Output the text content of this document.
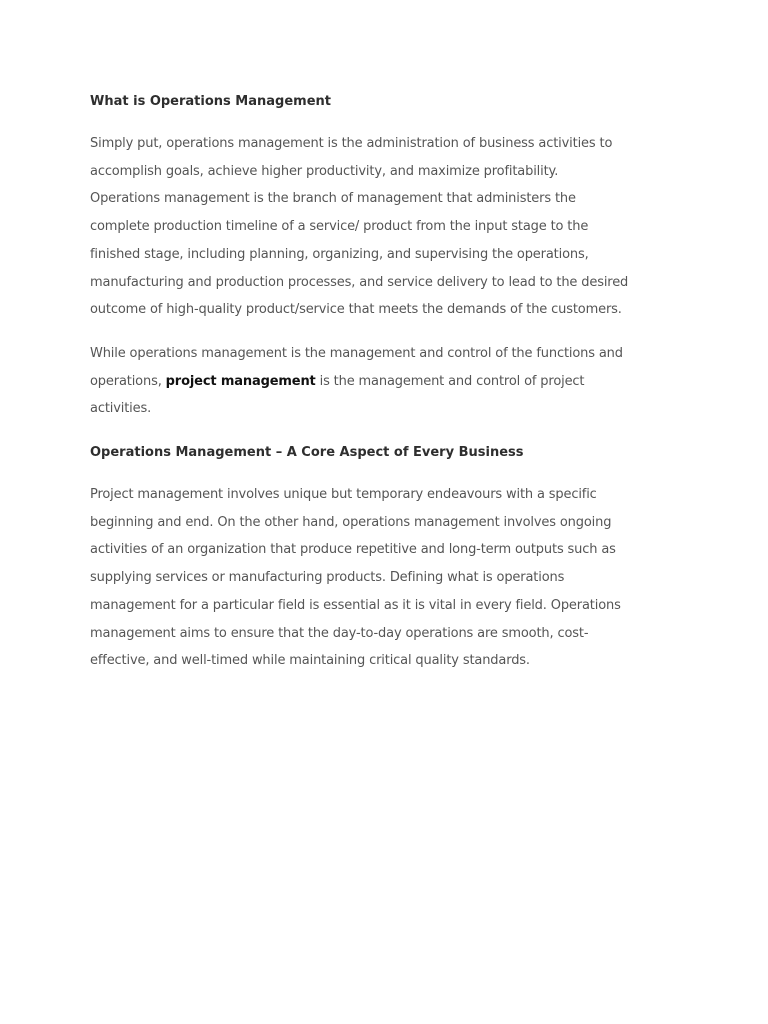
What is Operations Management

Simply put, operations management is the administration of business activities to
accomplish goals, achieve higher productivity, and maximize profitability.
Operations management is the branch of management that administers the
complete production timeline of a service/ product from the input stage to the
finished stage, including planning, organizing, and supervising the operations,
manufacturing and production processes, and service delivery to lead to the desired
outcome of high-quality product/service that meets the demands of the customers.

While operations management is the management and control of the functions and
operations, project management is the management and control of project
activities.

Operations Management – A Core Aspect of Every Business

Project management involves unique but temporary endeavours with a specific
beginning and end. On the other hand, operations management involves ongoing
activities of an organization that produce repetitive and long-term outputs such as
supplying services or manufacturing products. Defining what is operations
management for a particular field is essential as it is vital in every field. Operations
management aims to ensure that the day-to-day operations are smooth, cost-
effective, and well-timed while maintaining critical quality standards.
